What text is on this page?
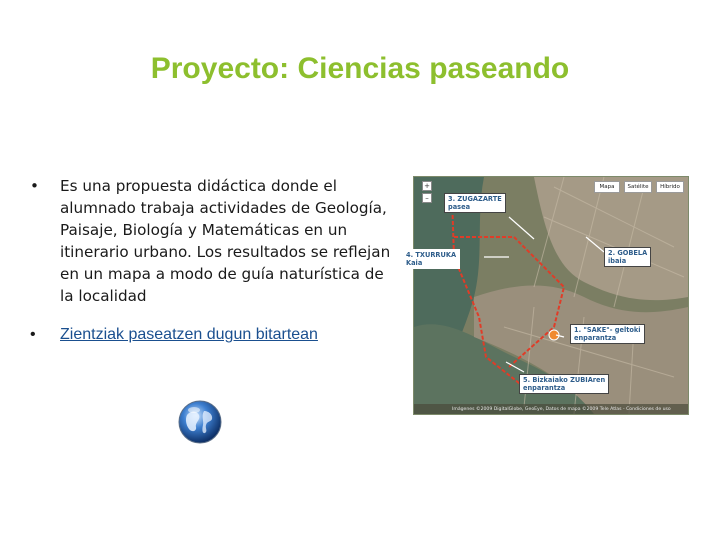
Proyecto: Ciencias paseando
• Es una propuesta didáctica donde el alumnado trabaja actividades de Geología, Paisaje, Biología y Matemáticas en un itinerario urbano. Los resultados se reflejan en un mapa a modo de guía naturística de la localidad
• Zientziak paseatzen dugun bitartean
+
–
Mapa	Satélite	Híbrido
3. ZUGAZARTE
pasea
4. TXURRUKA
Kaia
2. GOBELA
ibaia
1. "SAKE"- geltoki
enparantza
5. Bizkaiako ZUBIAren
enparantza
Imágenes ©2009 DigitalGlobe, GeoEye, Datos de mapa ©2009 Tele Atlas - Condiciones de uso
